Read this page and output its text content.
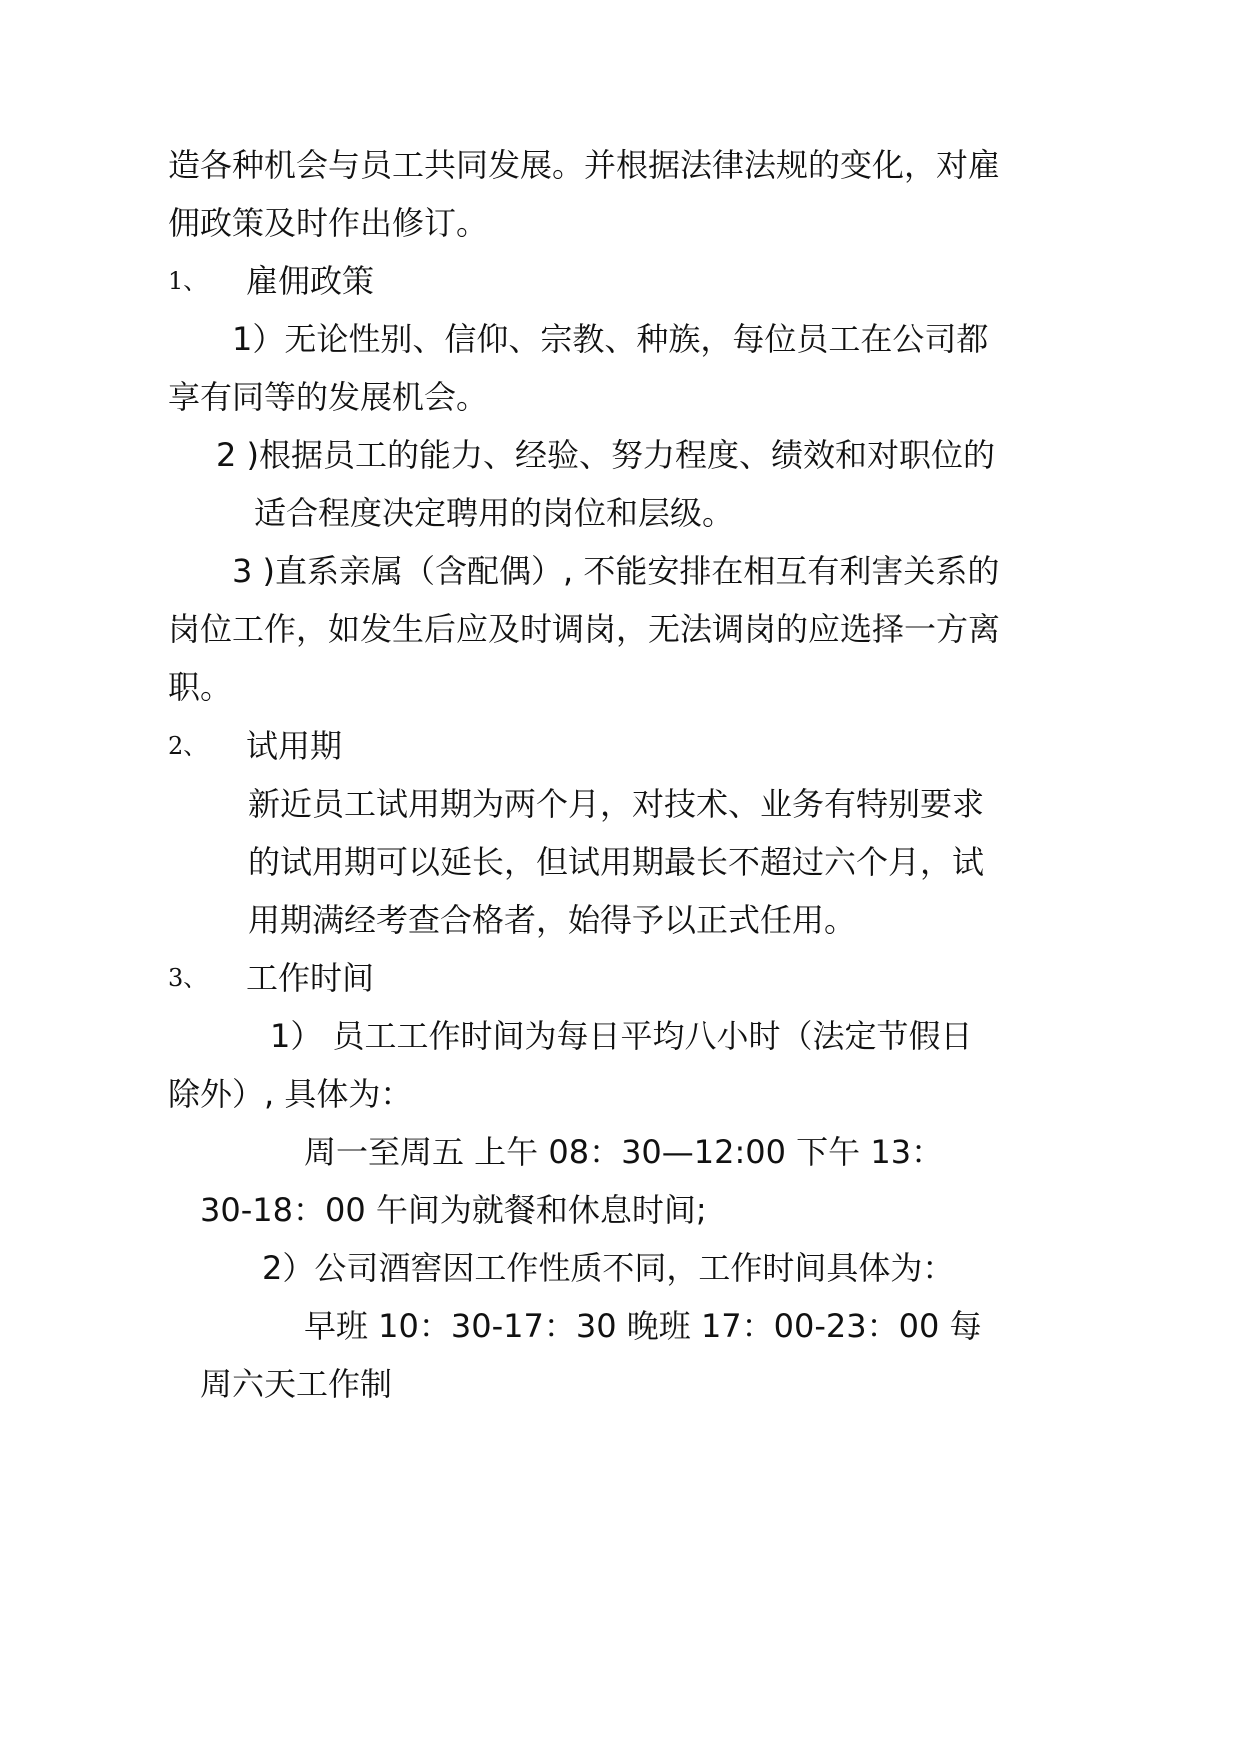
造各种机会与员工共同发展。并根据法律法规的变化，对雇

佣政策及时作出修订。

1、 雇佣政策

1）无论性别、信仰、宗教、种族，每位员工在公司都

享有同等的发展机会。

2 )根据员工的能力、经验、努力程度、绩效和对职位的

适合程度决定聘用的岗位和层级。

3 )直系亲属（含配偶）, 不能安排在相互有利害关系的

岗位工作，如发生后应及时调岗，无法调岗的应选择一方离

职。

2、 试用期

新近员工试用期为两个月，对技术、业务有特别要求

的试用期可以延长，但试用期最长不超过六个月，试

用期满经考查合格者，始得予以正式任用。

3、 工作时间

1） 员工工作时间为每日平均八小时（法定节假日

除外）, 具体为：

周一至周五 上午 08：30—12:00 下午 13：

30-18：00 午间为就餐和休息时间;

2）公司酒窖因工作性质不同，工作时间具体为：

早班 10：30-17：30 晚班 17：00-23：00 每

周六天工作制
